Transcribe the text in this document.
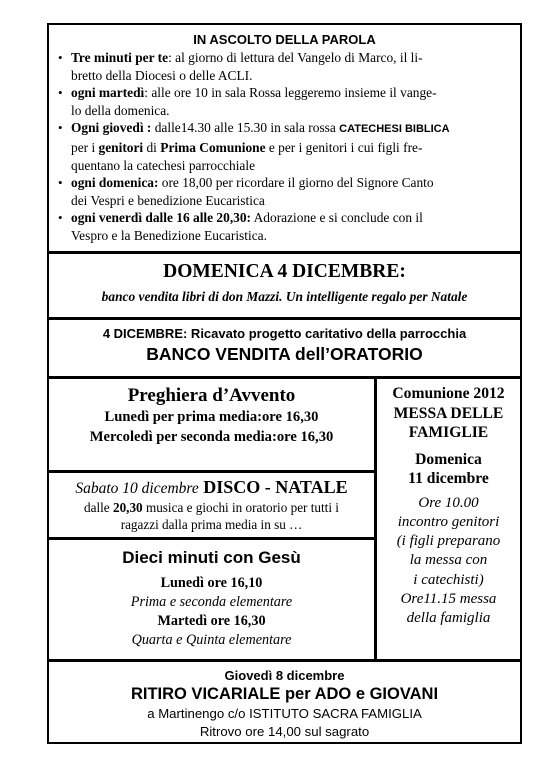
IN ASCOLTO DELLA PAROLA
• Tre minuti per te: al giorno di lettura del Vangelo di Marco, il li-
bretto della Diocesi o delle ACLI.
• ogni martedì: alle ore 10 in sala Rossa leggeremo insieme il vange-
lo della domenica.
• Ogni giovedì : dalle14.30 alle 15.30 in sala rossa CATECHESI BIBLICA
per i genitori di Prima Comunione e per i genitori i cui figli fre-
quentano la catechesi parrocchiale
• ogni domenica: ore 18,00 per ricordare il giorno del Signore Canto
dei Vespri e benedizione Eucaristica
• ogni venerdì dalle 16 alle 20,30: Adorazione e si conclude con il
Vespro e la Benedizione Eucaristica.
DOMENICA 4 DICEMBRE:
banco vendita libri di don Mazzi. Un intelligente regalo per Natale
4 DICEMBRE: Ricavato progetto caritativo della parrocchia
BANCO VENDITA dell’ORATORIO
Preghiera d’Avvento
Lunedì per prima media:ore 16,30
Mercoledì per seconda media:ore 16,30
Sabato 10 dicembre DISCO - NATALE
dalle 20,30 musica e giochi in oratorio per tutti i
ragazzi dalla prima media in su …
Dieci minuti con Gesù
Lunedì ore 16,10
Prima e seconda elementare
Martedì ore 16,30
Quarta e Quinta elementare
Comunione 2012
MESSA DELLE
FAMIGLIE
Domenica
11 dicembre
Ore 10.00
incontro genitori
(i figli preparano
la messa con
i catechisti)
Ore11.15 messa
della famiglia
Giovedì 8 dicembre
RITIRO VICARIALE per ADO e GIOVANI
a Martinengo c/o ISTITUTO SACRA FAMIGLIA
Ritrovo ore 14,00 sul sagrato
